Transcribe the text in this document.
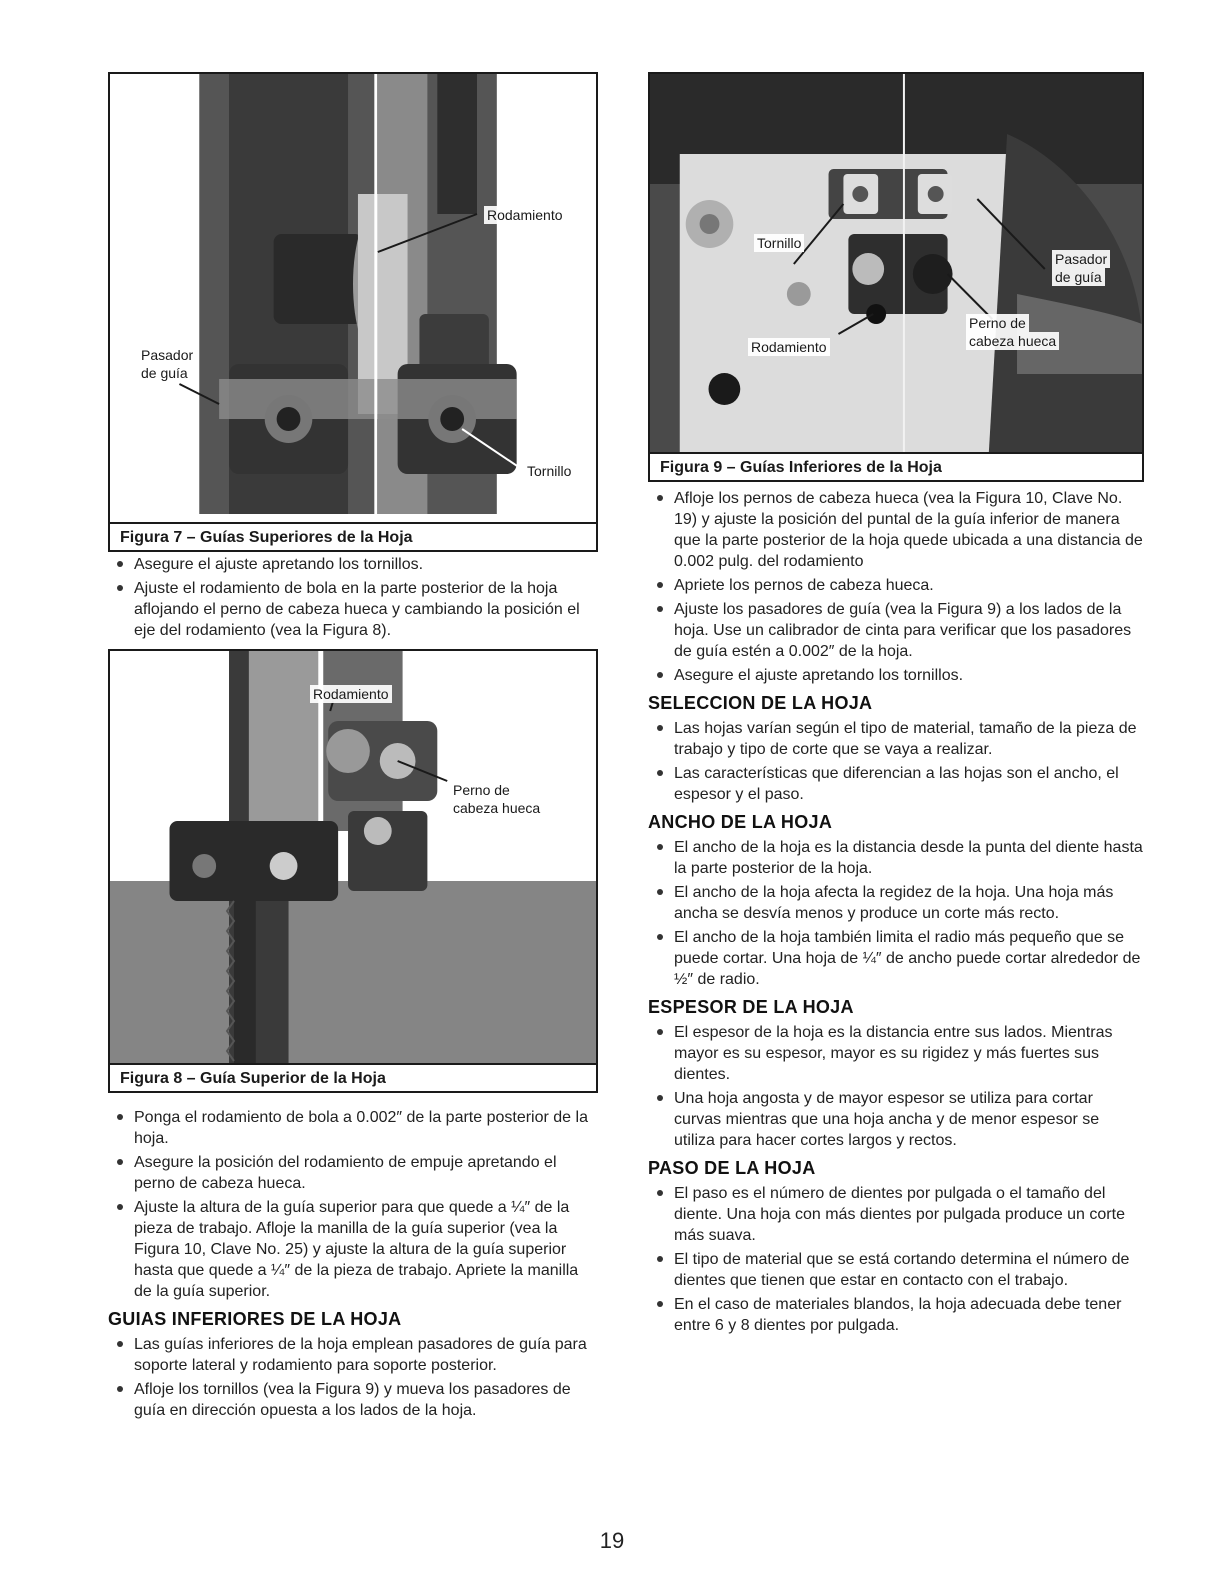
Rodamiento
Pasador
de guía
Tornillo
Figura 7 – Guías Superiores de la Hoja
Asegure el ajuste apretando los tornillos.
Ajuste el rodamiento de bola en la parte posterior de la hoja aflojando el perno de cabeza hueca y cambiando la posición el eje del rodamiento (vea la Figura 8).
Rodamiento
Perno de
cabeza hueca
Figura 8 – Guía Superior de la Hoja
Ponga el rodamiento de bola a 0.002″ de la parte posterior de la hoja.
Asegure la posición del rodamiento de empuje apretando el perno de cabeza hueca.
Ajuste la altura de la guía superior para que quede a ¼″ de la pieza de trabajo. Afloje la manilla de la guía superior (vea la Figura 10, Clave No. 25) y ajuste la altura de la guía superior hasta que quede a ¼″ de la pieza de trabajo. Apriete la manilla de la guía superior.
GUIAS INFERIORES DE LA HOJA
Las guías inferiores de la hoja emplean pasadores de guía para soporte lateral y rodamiento para soporte posterior.
Afloje los tornillos (vea la Figura 9) y mueva los pasadores de guía en dirección opuesta a los lados de la hoja.
Tornillo
Pasador
de guía
Perno de
cabeza hueca
Rodamiento
Figura 9 – Guías Inferiores de la Hoja
Afloje los pernos de cabeza hueca (vea la Figura 10, Clave No. 19) y ajuste la posición del puntal de la guía inferior de manera que la parte posterior de la hoja quede ubicada a una distancia de 0.002 pulg. del rodamiento
Apriete los pernos de cabeza hueca.
Ajuste los pasadores de guía (vea la Figura 9) a los lados de la hoja. Use un calibrador de cinta para verificar que los pasadores de guía estén a 0.002″ de la hoja.
Asegure el ajuste apretando los tornillos.
SELECCION DE LA HOJA
Las hojas varían según el tipo de material, tamaño de la pieza de trabajo y tipo de corte que se vaya a realizar.
Las características que diferencian a las hojas son el ancho, el espesor y el paso.
ANCHO DE LA HOJA
El ancho de la hoja es la distancia desde la punta del diente hasta la parte posterior de la hoja.
El ancho de la hoja afecta la regidez de la hoja. Una hoja más ancha se desvía menos y produce un corte más recto.
El ancho de la hoja también limita el radio más pequeño que se puede cortar. Una hoja de ¼″ de ancho puede cortar alrededor de ½″ de radio.
ESPESOR DE LA HOJA
El espesor de la hoja es la distancia entre sus lados. Mientras mayor es su espesor, mayor es su rigidez y más fuertes sus dientes.
Una hoja angosta y de mayor espesor se utiliza para cortar curvas mientras que una hoja ancha y de menor espesor se utiliza para hacer cortes largos y rectos.
PASO DE LA HOJA
El paso es el número de dientes por pulgada o el tamaño del diente. Una hoja con más dientes por pulgada produce un corte más suava.
El tipo de material que se está cortando determina el número de dientes que tienen que estar en contacto con el trabajo.
En el caso de materiales blandos, la hoja adecuada debe tener entre 6 y 8 dientes por pulgada.
19
